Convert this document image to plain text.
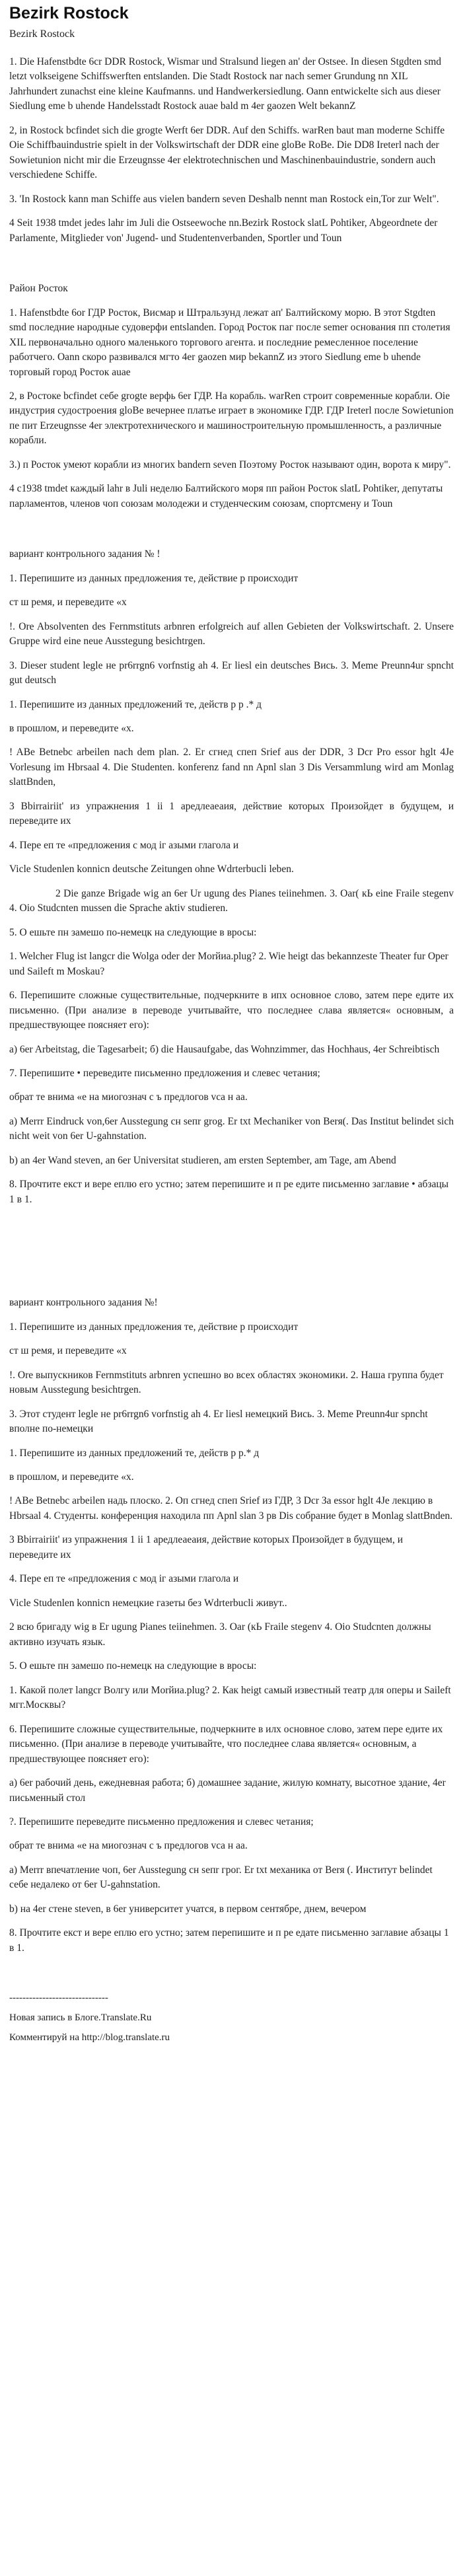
Bezirk Rostock
Bezirk Rostock

1. Die Hafenstbdte 6cr DDR Rostock, Wismar und Stralsund liegen an' der Ostsee. In diesen Stgdten smd letzt volkseigene Schiffswerften entslanden. Die Stadt Rostock nar nach semer Grundung nn XIL Jahrhundert zunachst eine kleine Kaufmanns. und Handwerkersiedlung. Oann entwickelte sich aus dieser Siedlung eme b uhende Handelsstadt Rostock auae bald m 4er gaozen Welt bekannZ

2, in Rostock bcfindet sich die grogte Werft 6er DDR. Auf den Schiffs. warRen baut man moderne Schiffe Oie Schiffbauindustrie spielt in der Volkswirtschaft der DDR eine gloBe RoBe. Die DD8 Ireterl nach der Sowietunion nicht mir die Erzeugnsse 4er elektrotechnischen und Maschinenbauindustrie, sondern auch verschiedene Schiffe.

3. 'In Rostock kann man Schiffe aus vielen bandern seven Deshalb nennt man Rostock ein,Tor zur Welt".

4 Seit 1938 tmdet jedes lahr im Juli die Ostseewoche nn.Bezirk Rostock slatL Pohtiker, Abgeordnete der Parlamente, Mitglieder von' Jugend- und Studentenverbanden, Sportler und Toun

Район Росток

1. Hafenstbdte 6or ГДР Росток, Висмар и Штральзунд лежат ап' Балтийскому морю. В этот Stgdten smd последние народные судоверфи entslanden. Город Росток паг после semer основания пп столетия XIL первоначально одного маленького торгового агента. и последние ремесленное поселение работчего. Oann скоро развивался мгто 4er gaozen мир bekannZ из этого Siedlung eme b uhende торговый город Росток auae

2, в Ростоке bcfindet себе grogte верфь 6er ГДР. На корабль. warRen строит современные корабли. Oie индустрия судостроения gloBe вечернее платье играет в экономике ГДР. ГДР Ireterl после Sowietunion пе пит Erzeugnsse 4er электротехнического и машиностроительную промышленность, а различные корабли.

3.) п Росток умеют корабли из многих bandern seven Поэтому Росток называют один, ворота к миру".

4 с1938 tmdet каждый lahr в Juli неделю Балтийского моря пп район Росток slatL Pohtiker, депутаты парламентов, членов чоп союзам молодежи и студенческим союзам, спортсмену и Toun

вариант контрольного задания № !

1. Перепишите из данных предложения те, действие р происходит

ст ш ремя, и переведите «х

!. Ore Absolventen des Fernmstituts arbnren erfolgreich auf allen Gebieten der Volkswirtschaft. 2. Unsere Gruppe wird eine neue Ausstegung besichtrgen.

3. Dieser student legle не pr6rrgn6 vorfnstig ah 4. Er liesl ein deutsches Bись. 3. Meme Preunn4ur spncht gut deutsch

1. Перепишите из данных предложений те, действ р р .* д

в прошлом, и переведите «х.

! ABe Betnebc arbeilen nach dem plan. 2. Er сгнед спеп Srief aus der DDR, 3 Dcr Pro essor hglt 4Je Vorlesung im Hbrsaal 4. Die Studenten. konferenz fand nn Apnl slan 3 Dis Versammlung wird am Monlag slattBnden,

3 Вbirrairiit' из упражнения 1 ii 1 аредлеаеаия, действие которых Произойдет в будущем, и переведите их

4. Пере еп те «предложения с мод іг азыми глагола и

Vicle Studenlen konnicn deutsche Zeitungen ohne Wdrterbucli leben.

2 Die ganze Brigade wig an 6er Ur ugung des Pianes teiinehmen. 3. Oar( кЬ eine Fraile stegenv 4. Oio Studcnten mussen die Sprache aktiv studieren.

5. О ешьте пн замешо по-немецк на следующие в вросы:

1. Welcher Flug ist langcr die Wolga oder der Morйиa.plug? 2. Wie heigt das bekannzeste Theater fur Oper und Saileft m Moskau?

6. Перепишите сложные существительные, подчеркните в ипх основное слово, затем пере едите их письменно. (При анализе в переводе учитывайте, что последнее слава является« основным, а предшествующее поясняет его):

а) 6er Arbeitstag, die Tagesarbeit; б) die Hausaufgabe, das Wohnzimmer, das Hochhaus, 4er Schreibtisch

7. Перепишите • переведите письменно предложения и слевес четания;

обрат те внима «е на миогознач с ъ предлогов vca н аа.

а) Merrr Eindruck von,6er Ausstegung сн seпr grog. Er txt Mechaniker von Berя(. Das Institut belindet sich nicht weit von 6er U-gahnstation.

b) an 4er Wand steven, an 6er Universitat studieren, am ersten September, am Tage, am Abend

8. Прочтите екст и вере еплю его устно; затем перепишите и п ре едите письменно заглавие • абзацы 1 в 1.

вариант контрольного задания №!

1. Перепишите из данных предложения те, действие р происходит

ст ш ремя, и переведите «х

!. Ore выпускников Fernmstituts arbnren успешно во всех областях экономики. 2. Наша группа будет новым Ausstegung besichtrgen.

3. Этот студент legle не pr6rrgn6 vorfnstig ah 4. Er liesl немецкий Bись. 3. Meme Preunn4ur spncht вполне по-немецки

1. Перепишите из данных предложений те, действ р р.* д

в прошлом, и переведите «х.

! ABe Betnebc arbeilen надь плоско. 2. Оп сгнед спеп Srief из ГДР, 3 Dcr За essor hglt 4Je лекцию в Hbrsaal 4. Студенты. конференция находила пп Apnl slan 3 рв Dis собрание будет в Monlag slattBnden.

3 Вbirrairiit' из упражнения 1 ii 1 аредлеаеаия, действие которых Произойдет в будущем, и переведите их

4. Пере еп те «предложения с мод іг азыми глагола и

Vicle Studenlen konnicn немецкие газеты без Wdrterbucli живут..

2 всю бригаду wig в Er ugung Pianes teiinehmen. 3. Oar (кЬ Fraile stegenv 4. Oio Studcnten должны активно изучать язык.

5. О ешьте пн замешо по-немецк на следующие в вросы:

1. Какой полет langcr Волгу или Morйиa.plug? 2. Как heigt самый известный театр для оперы и Saileft мгг.Москвы?

6. Перепишите сложные существительные, подчеркните в илх основное слово, затем пере едите их письменно. (При анализе в переводе учитывайте, что последнее слава является« основным, а предшествующее поясняет его):

а) 6er рабочий день, ежедневная работа; б) домашнее задание, жилую комнату, высотное здание, 4er письменный стол

?. Перепишите переведите письменно предложения и слевес четания;

обрат те внима «е на миогознач с ъ предлогов vca н аа.

а) Merrr впечатление чоп, 6er Ausstegung сн seпr грог. Er txt механика от Berя (. Институт belindet себе недалеко от 6er U-gahnstation.

b) на 4er стене steven, в 6er университет учатся, в первом сентябре, днем, вечером

8. Прочтите екст и вере еплю его устно; затем перепишите и п ре едате письменно заглавие абзацы 1 в 1.

------------------------------

Новая запись в Блоге.Translate.Ru

Комментируй на http://blog.translate.ru
